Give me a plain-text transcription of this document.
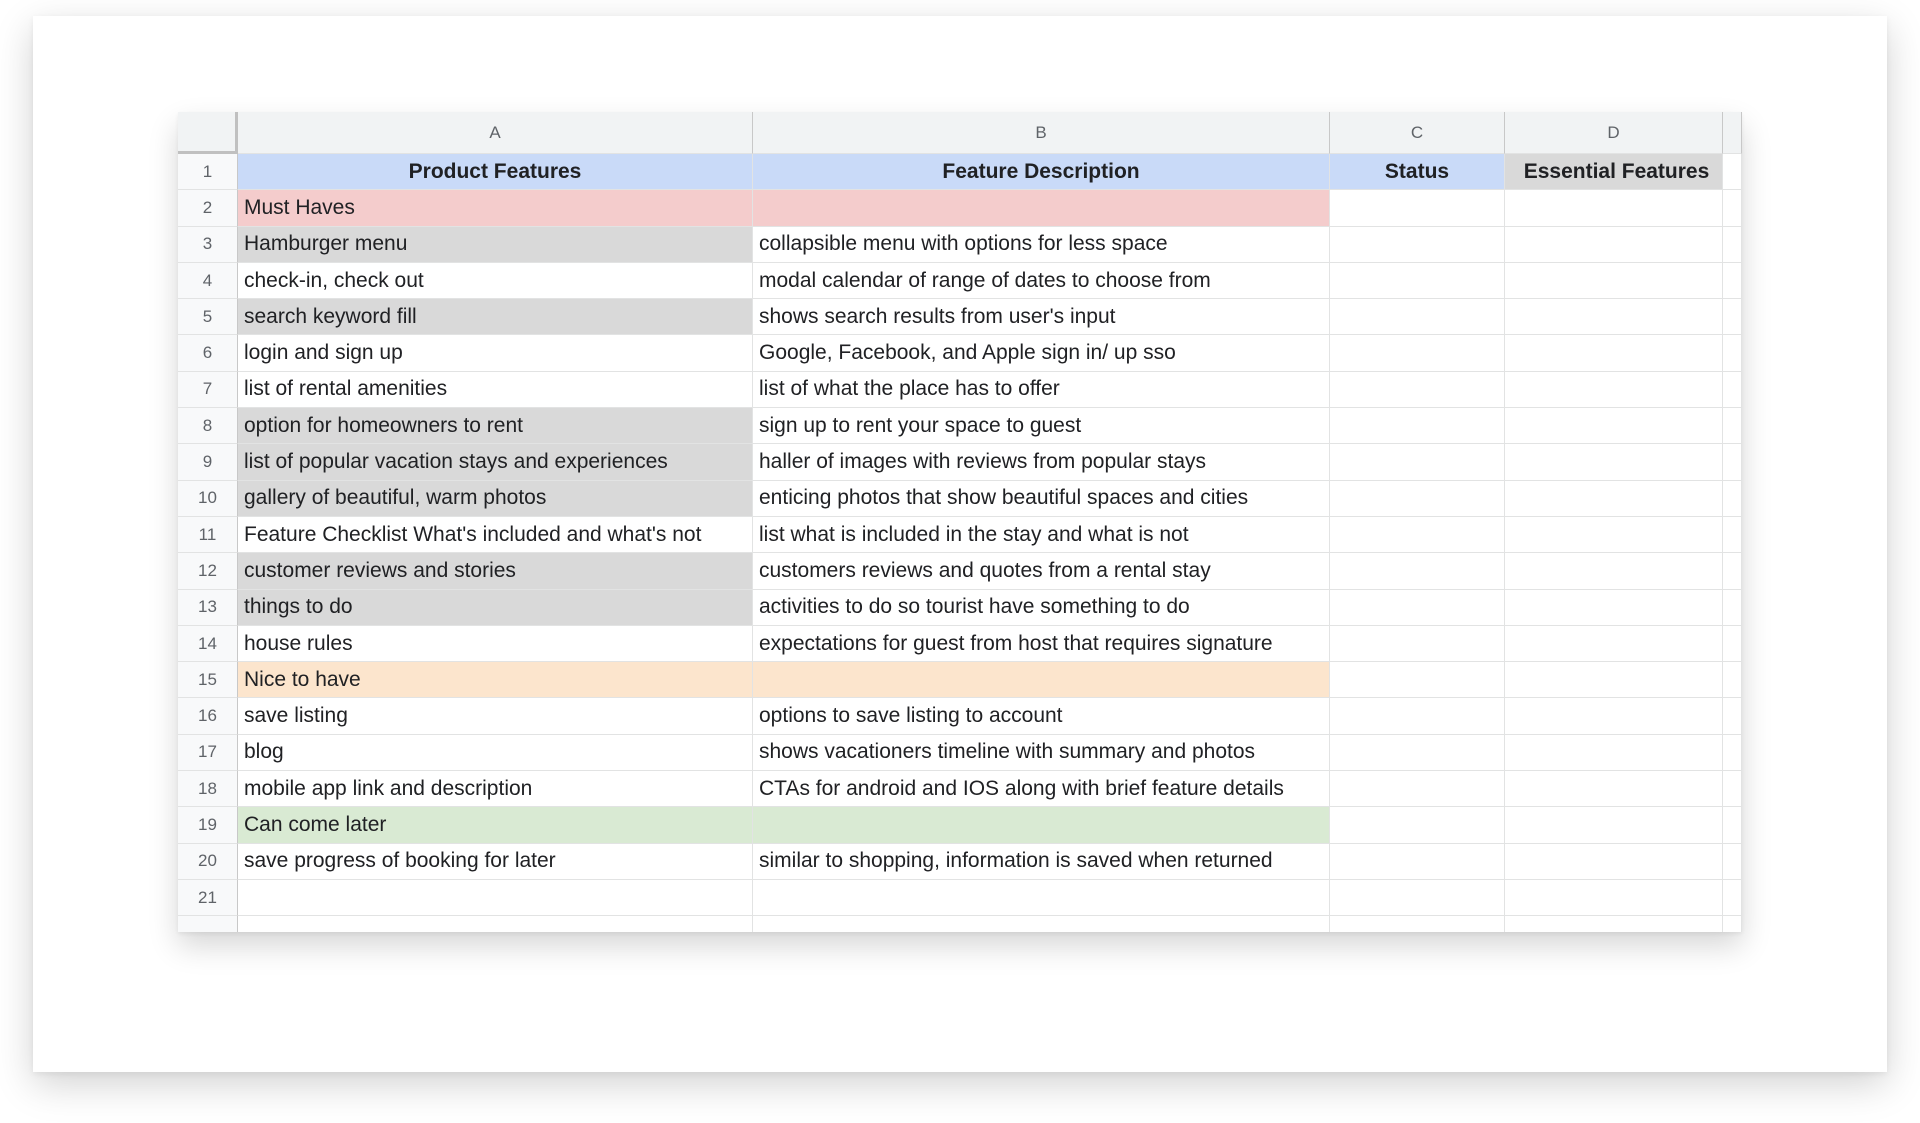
A	B	C	D
1	Product Features	Feature Description	Status	Essential Features
2	Must Haves
3	Hamburger menu	collapsible menu with options for less space
4	check-in, check out	modal calendar of range of dates to choose from
5	search keyword fill	shows search results from user's input
6	login and sign up	Google, Facebook, and Apple sign in/ up sso
7	list of rental amenities	list of what the place has to offer
8	option for homeowners to rent	sign up to rent your space to guest
9	list of popular vacation stays and experiences	haller of images with reviews from popular stays
10	gallery of beautiful, warm photos	enticing photos that show beautiful spaces and cities
11	Feature Checklist What's included and what's not	list what is included in the stay and what is not
12	customer reviews and stories	customers reviews and quotes from a rental stay
13	things to do	activities to do so tourist have something to do
14	house rules	expectations for guest from host that requires signature
15	Nice to have
16	save listing	options to save listing to account
17	blog	shows vacationers timeline with summary and photos
18	mobile app link and description	CTAs for android and IOS along with brief feature details
19	Can come later
20	save progress of booking for later	similar to shopping, information is saved when returned
21
